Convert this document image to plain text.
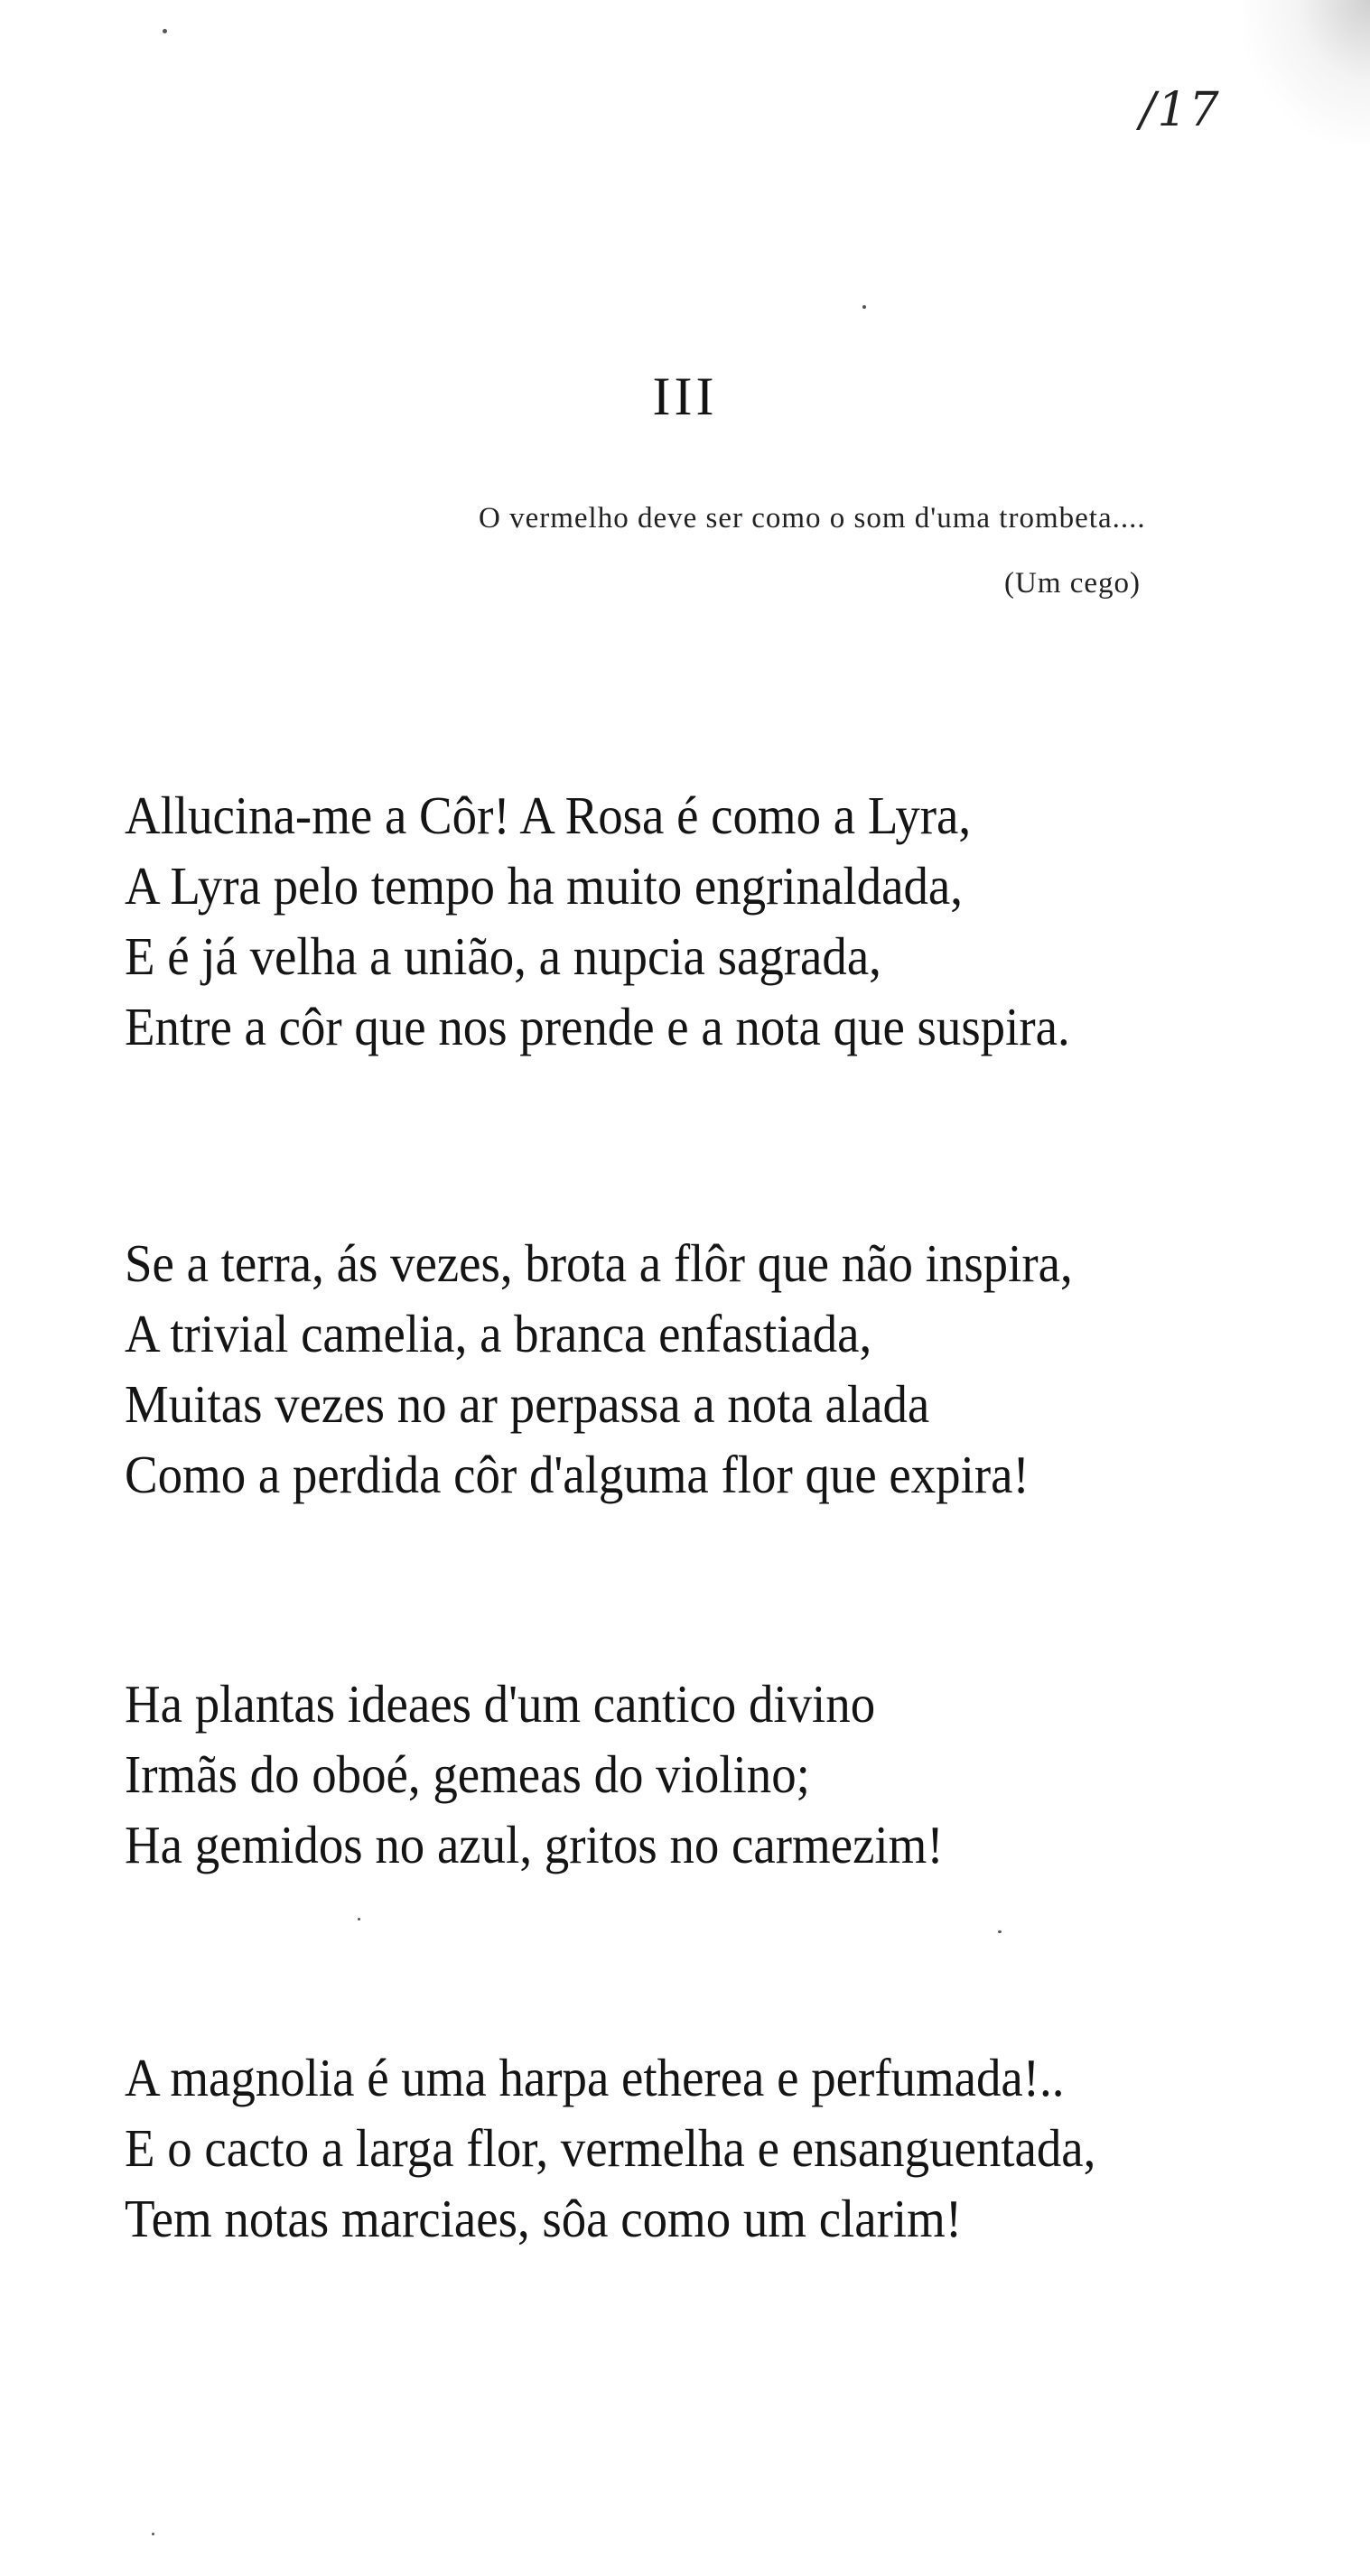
/17
III
O vermelho deve ser como o som d'uma trombeta....
(Um cego)
Allucina-me a Côr! A Rosa é como a Lyra,
A Lyra pelo tempo ha muito engrinaldada,
E é já velha a união, a nupcia sagrada,
Entre a côr que nos prende e a nota que suspira.
Se a terra, ás vezes, brota a flôr que não inspira,
A trivial camelia, a branca enfastiada,
Muitas vezes no ar perpassa a nota alada
Como a perdida côr d'alguma flor que expira!
Ha plantas ideaes d'um cantico divino
Irmãs do oboé, gemeas do violino;
Ha gemidos no azul, gritos no carmezim!
A magnolia é uma harpa etherea e perfumada!..
E o cacto a larga flor, vermelha e ensanguentada,
Tem notas marciaes, sôa como um clarim!
